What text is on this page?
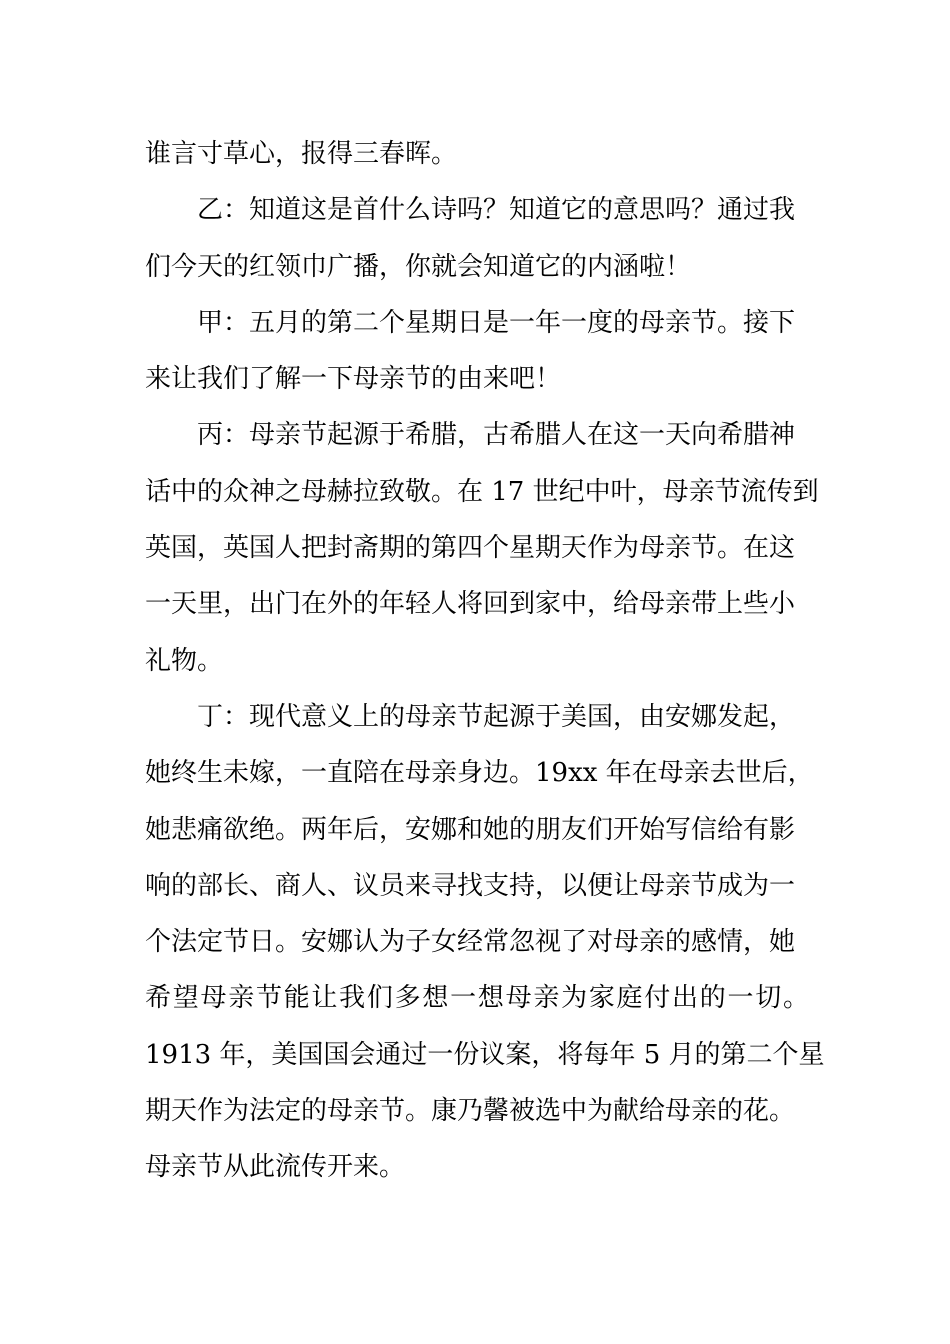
谁言寸草心，报得三春晖。
乙：知道这是首什么诗吗？知道它的意思吗？通过我
们今天的红领巾广播，你就会知道它的内涵啦！
甲：五月的第二个星期日是一年一度的母亲节。接下
来让我们了解一下母亲节的由来吧！
丙：母亲节起源于希腊，古希腊人在这一天向希腊神
话中的众神之母赫拉致敬。在 17 世纪中叶，母亲节流传到
英国，英国人把封斋期的第四个星期天作为母亲节。在这
一天里，出门在外的年轻人将回到家中，给母亲带上些小
礼物。
丁：现代意义上的母亲节起源于美国，由安娜发起，
她终生未嫁，一直陪在母亲身边。19xx 年在母亲去世后，
她悲痛欲绝。两年后，安娜和她的朋友们开始写信给有影
响的部长、商人、议员来寻找支持，以便让母亲节成为一
个法定节日。安娜认为子女经常忽视了对母亲的感情，她
希望母亲节能让我们多想一想母亲为家庭付出的一切。
1913 年，美国国会通过一份议案，将每年 5 月的第二个星
期天作为法定的母亲节。康乃馨被选中为献给母亲的花。
母亲节从此流传开来。
